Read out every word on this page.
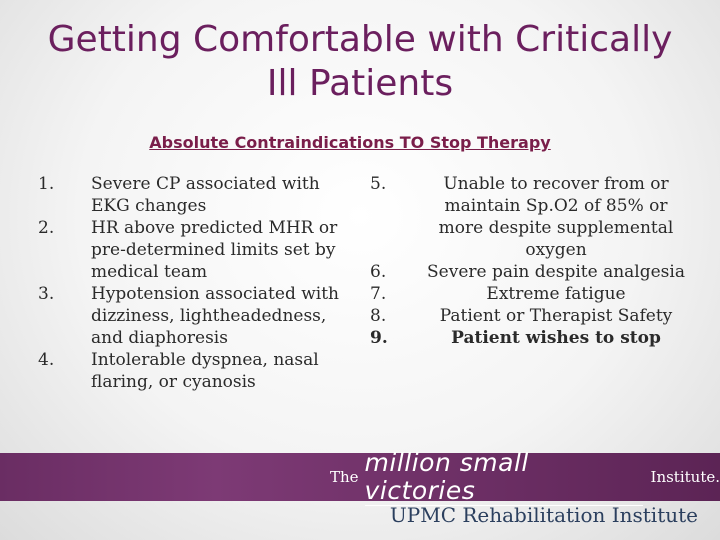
Getting Comfortable with Critically
Ill Patients
Absolute Contraindications TO Stop Therapy
1.	Severe CP associated with EKG changes
2.	HR above predicted MHR or pre-determined limits set by medical team
3.	Hypotension associated with dizziness, lightheadedness, and diaphoresis
4.	Intolerable dyspnea, nasal flaring, or cyanosis
5.	Unable to recover from or maintain Sp.O2 of 85% or more despite supplemental oxygen
6.	Severe pain despite analgesia
7.	Extreme fatigue
8.	Patient or Therapist Safety
9.	Patient wishes to stop
The
million small victories	Institute.
UPMC Rehabilitation Institute
